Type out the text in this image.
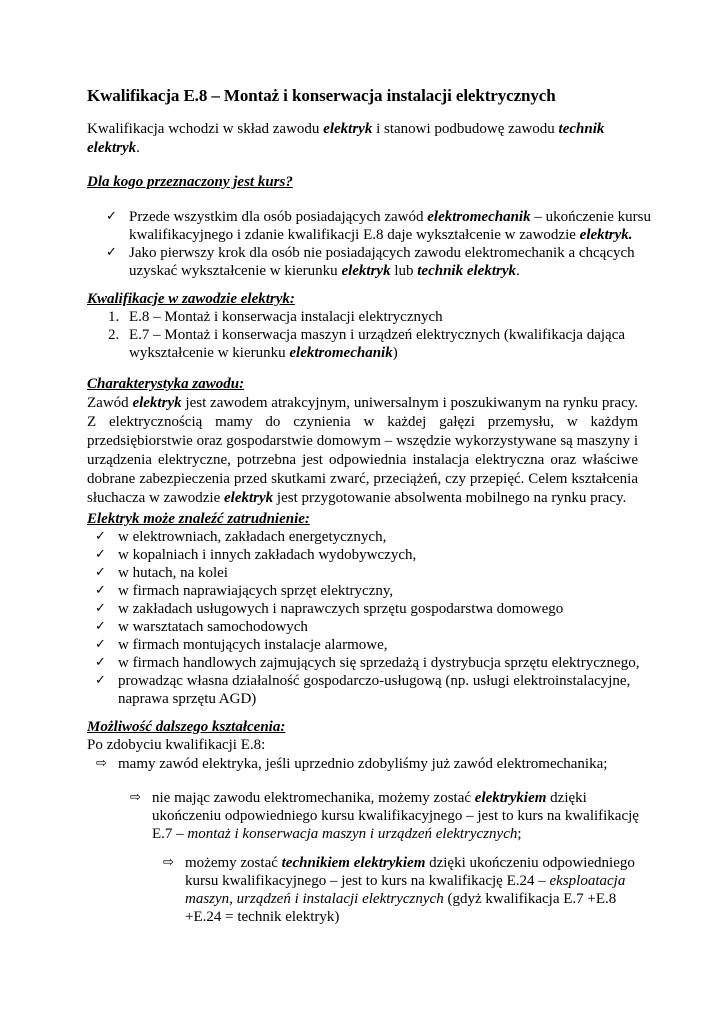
Kwalifikacja E.8 – Montaż i konserwacja instalacji elektrycznych

Kwalifikacja wchodzi w skład zawodu elektryk i stanowi podbudowę zawodu technik
elektryk.

Dla kogo przeznaczony jest kurs?

✓ Przede wszystkim dla osób posiadających zawód elektromechanik – ukończenie kursu
kwalifikacyjnego i zdanie kwalifikacji E.8 daje wykształcenie w zawodzie elektryk.
✓ Jako pierwszy krok dla osób nie posiadających zawodu elektromechanik a chcących
uzyskać wykształcenie w kierunku elektryk lub technik elektryk.

Kwalifikacje w zawodzie elektryk:

1. E.8 – Montaż i konserwacja instalacji elektrycznych
2. E.7 – Montaż i konserwacja maszyn i urządzeń elektrycznych (kwalifikacja dająca
wykształcenie w kierunku elektromechanik)

Charakterystyka zawodu:

Zawód elektryk jest zawodem atrakcyjnym, uniwersalnym i poszukiwanym na rynku pracy.
Z elektrycznością mamy do czynienia w każdej gałęzi przemysłu, w każdym
przedsiębiorstwie oraz gospodarstwie domowym – wszędzie wykorzystywane są maszyny i
urządzenia elektryczne, potrzebna jest odpowiednia instalacja elektryczna oraz właściwe
dobrane zabezpieczenia przed skutkami zwarć, przeciążeń, czy przepięć. Celem kształcenia
słuchacza w zawodzie elektryk jest przygotowanie absolwenta mobilnego na rynku pracy.

Elektryk może znaleźć zatrudnienie:

✓ w elektrowniach, zakładach energetycznych,
✓ w kopalniach i innych zakładach wydobywczych,
✓ w hutach, na kolei
✓ w firmach naprawiających sprzęt elektryczny,
✓ w zakładach usługowych i naprawczych sprzętu gospodarstwa domowego
✓ w warsztatach samochodowych
✓ w firmach montujących instalacje alarmowe,
✓ w firmach handlowych zajmujących się sprzedażą i dystrybucja sprzętu elektrycznego,
✓ prowadząc własna działalność gospodarczo-usługową (np. usługi elektroinstalacyjne,
naprawa sprzętu AGD)

Możliwość dalszego kształcenia:

Po zdobyciu kwalifikacji E.8:

⇨ mamy zawód elektryka, jeśli uprzednio zdobyliśmy już zawód elektromechanika;
⇨ nie mając zawodu elektromechanika, możemy zostać elektrykiem dzięki
ukończeniu odpowiedniego kursu kwalifikacyjnego – jest to kurs na kwalifikację
E.7 – montaż i konserwacja maszyn i urządzeń elektrycznych;
⇨ możemy zostać technikiem elektrykiem dzięki ukończeniu odpowiedniego
kursu kwalifikacyjnego – jest to kurs na kwalifikację E.24 – eksploatacja
maszyn, urządzeń i instalacji elektrycznych (gdyż kwalifikacja E.7 +E.8
+E.24 = technik elektryk)
